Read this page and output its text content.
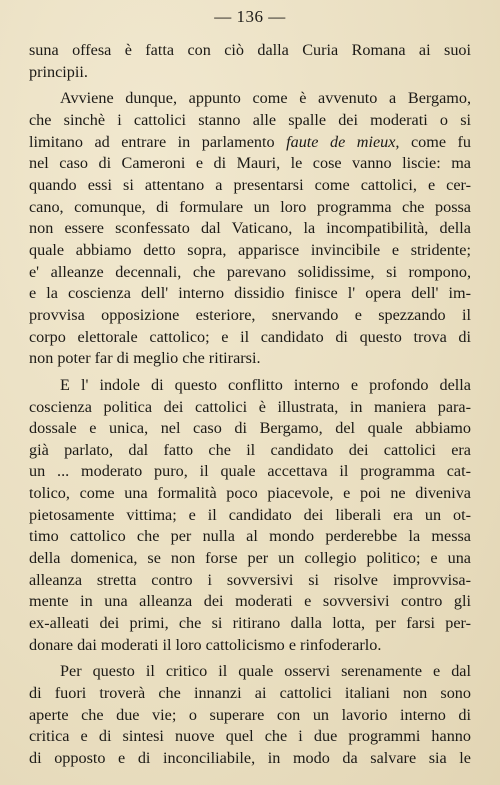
— 136 —

suna offesa è fatta con ciò dalla Curia Romana ai suoi
principii.

Avviene dunque, appunto come è avvenuto a Bergamo,
che sinchè i cattolici stanno alle spalle dei moderati o si
limitano ad entrare in parlamento faute de mieux, come fu
nel caso di Cameroni e di Mauri, le cose vanno liscie: ma
quando essi si attentano a presentarsi come cattolici, e cer-
cano, comunque, di formulare un loro programma che possa
non essere sconfessato dal Vaticano, la incompatibilità, della
quale abbiamo detto sopra, apparisce invincibile e stridente;
e' alleanze decennali, che parevano solidissime, si rompono,
e la coscienza dell' interno dissidio finisce l' opera dell' im-
provvisa opposizione esteriore, snervando e spezzando il
corpo elettorale cattolico; e il candidato di questo trova di
non poter far di meglio che ritirarsi.

E l' indole di questo conflitto interno e profondo della
coscienza politica dei cattolici è illustrata, in maniera para-
dossale e unica, nel caso di Bergamo, del quale abbiamo
già parlato, dal fatto che il candidato dei cattolici era
un ... moderato puro, il quale accettava il programma cat-
tolico, come una formalità poco piacevole, e poi ne diveniva
pietosamente vittima; e il candidato dei liberali era un ot-
timo cattolico che per nulla al mondo perderebbe la messa
della domenica, se non forse per un collegio politico; e una
alleanza stretta contro i sovversivi si risolve improvvisa-
mente in una alleanza dei moderati e sovversivi contro gli
ex-alleati dei primi, che si ritirano dalla lotta, per farsi per-
donare dai moderati il loro cattolicismo e rinfoderarlo.

Per questo il critico il quale osservi serenamente e dal
di fuori troverà che innanzi ai cattolici italiani non sono
aperte che due vie; o superare con un lavorio interno di
critica e di sintesi nuove quel che i due programmi hanno
di opposto e di inconciliabile, in modo da salvare sia le
